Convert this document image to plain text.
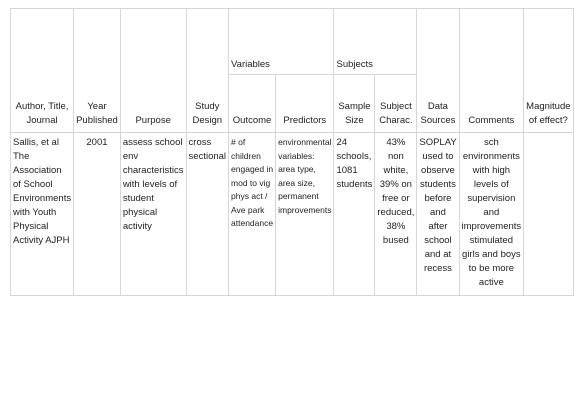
Author, Title, Journal	Year Published	Purpose	Study Design	Variables		Subjects		Data Sources	Comments	Magnitude of effect?
				Outcome	Predictors	Sample Size	Subject Charac.			
Sallis, et al The Association of School Environments with Youth Physical Activity AJPH	2001	assess school env characteristics with levels of student physical activity	cross sectional	# of children engaged in mod to vig phys act / Ave park attendance	environmental variables: area type, area size, permanent improvements	24 schools, 1081 students	43% non white, 39% on free or reduced, 38% bused	SOPLAY used to observe students before and after school and at recess	sch environments with high levels of supervision and improvements stimulated girls and boys to be more active	
